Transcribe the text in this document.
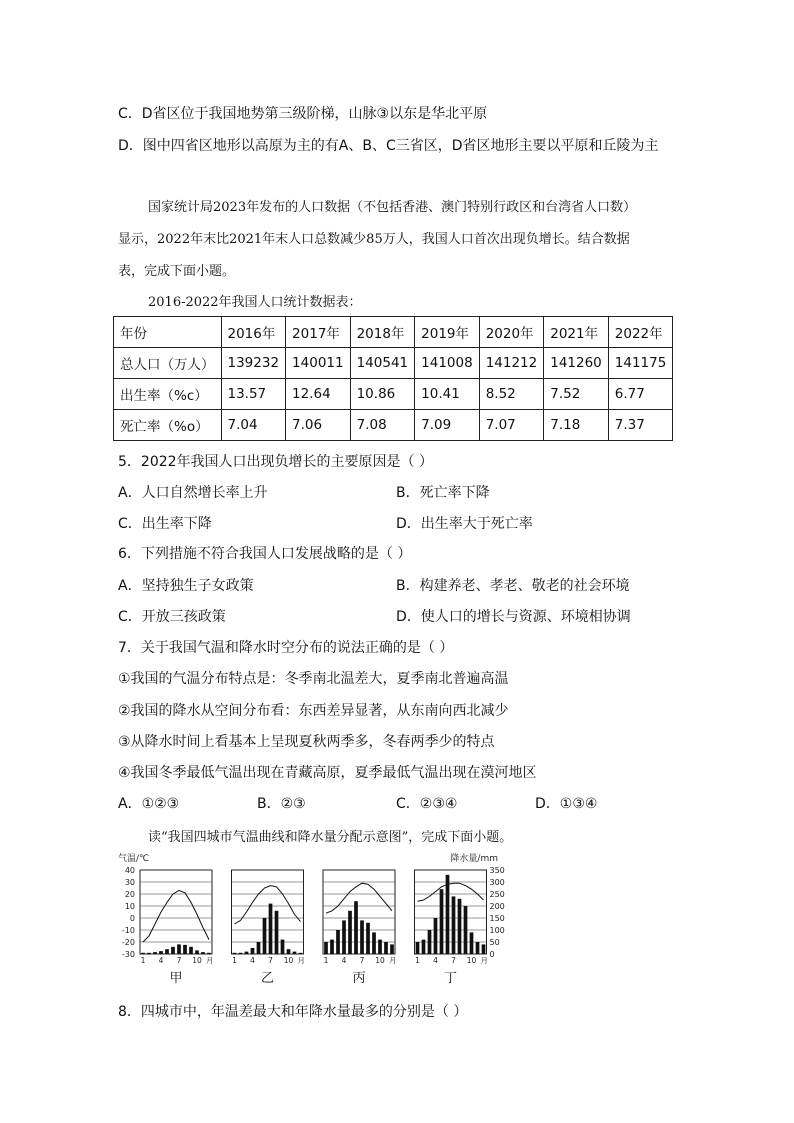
C．D省区位于我国地势第三级阶梯，山脉③以东是华北平原
D．图中四省区地形以高原为主的有A、B、C三省区，D省区地形主要以平原和丘陵为主
国家统计局2023年发布的人口数据（不包括香港、澳门特别行政区和台湾省人口数）
显示，2022年末比2021年末人口总数减少85万人，我国人口首次出现负增长。结合数据
表，完成下面小题。
2016-2022年我国人口统计数据表：
年份	2016年	2017年	2018年	2019年	2020年	2021年	2022年
总人口（万人）	139232	140011	140541	141008	141212	141260	141175
出生率（%c）	13.57	12.64	10.86	10.41	8.52	7.52	6.77
死亡率（%o）	7.04	7.06	7.08	7.09	7.07	7.18	7.37
5．2022年我国人口出现负增长的主要原因是（ ）
A．人口自然增长率上升	B．死亡率下降
C．出生率下降	D．出生率大于死亡率
6．下列措施不符合我国人口发展战略的是（ ）
A．坚持独生子女政策	B．构建养老、孝老、敬老的社会环境
C．开放三孩政策	D．使人口的增长与资源、环境相协调
7．关于我国气温和降水时空分布的说法正确的是（ ）
①我国的气温分布特点是：冬季南北温差大，夏季南北普遍高温
②我国的降水从空间分布看：东西差异显著，从东南向西北减少
③从降水时间上看基本上呈现夏秋两季多，冬春两季少的特点
④我国冬季最低气温出现在青藏高原，夏季最低气温出现在漠河地区
A．①②③	B．②③	C．②③④	D．①③④
读“我国四城市气温曲线和降水量分配示意图”，完成下面小题。
气温/℃	降水量/mm
40
30
20
10
0
-10
-20
-30
350
300
250
200
150
100
50
0
1 4 7 10 月
甲
1 4 7 10 月
乙
1 4 7 10 月
丙
1 4 7 10 月
丁
8．四城市中，年温差最大和年降水量最多的分别是（ ）
